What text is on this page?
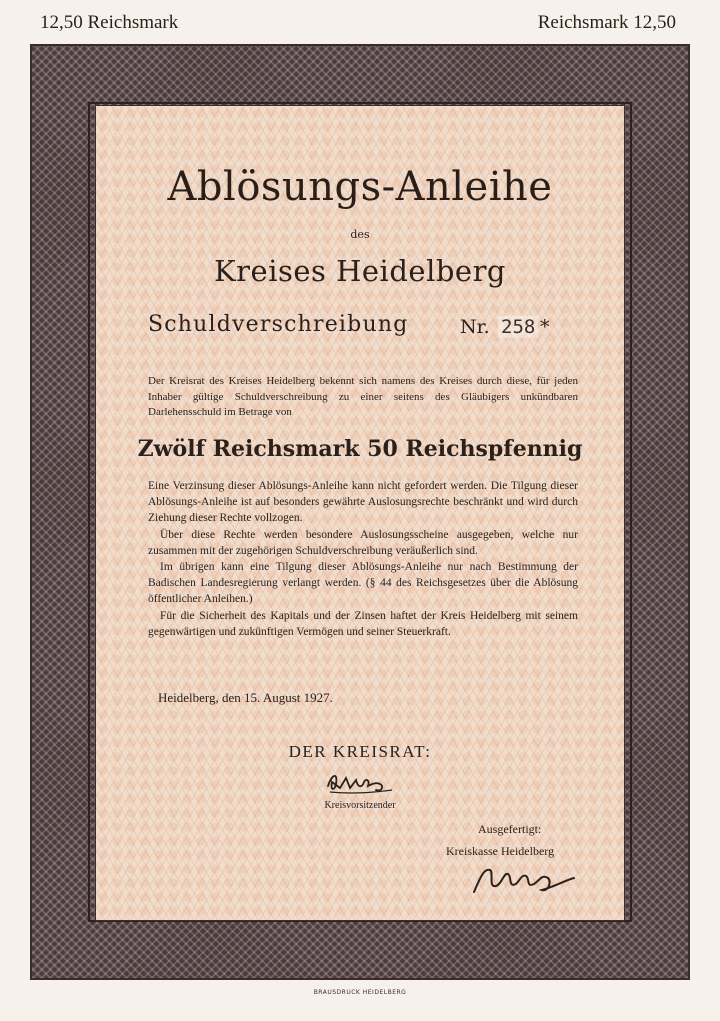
12,50 Reichsmark	Reichsmark 12,50
Ablösungs-Anleihe
des
Kreises Heidelberg
Schuldverschreibung	Nr. 258 *
Der Kreisrat des Kreises Heidelberg bekennt sich namens des Kreises durch diese, für jeden Inhaber gültige Schuldverschreibung zu einer seitens des Gläubigers unkündbaren Darlehensschuld im Betrage von
Zwölf Reichsmark 50 Reichspfennig
Eine Verzinsung dieser Ablösungs-Anleihe kann nicht gefordert werden. Die Tilgung dieser Ablösungs-Anleihe ist auf besonders gewährte Auslosungsrechte beschränkt und wird durch Ziehung dieser Rechte vollzogen.
Über diese Rechte werden besondere Auslosungsscheine ausgegeben, welche nur zusammen mit der zugehörigen Schuldverschreibung veräußerlich sind.
Im übrigen kann eine Tilgung dieser Ablösungs-Anleihe nur nach Bestimmung der Badischen Landesregierung verlangt werden. (§ 44 des Reichsgesetzes über die Ablösung öffentlicher Anleihen.)
Für die Sicherheit des Kapitals und der Zinsen haftet der Kreis Heidelberg mit seinem gegenwärtigen und zukünftigen Vermögen und seiner Steuerkraft.
Heidelberg, den 15. August 1927.
DER KREISRAT:
Kreisvorsitzender
Ausgefertigt:
Kreiskasse Heidelberg
BRAUSDRUCK HEIDELBERG
